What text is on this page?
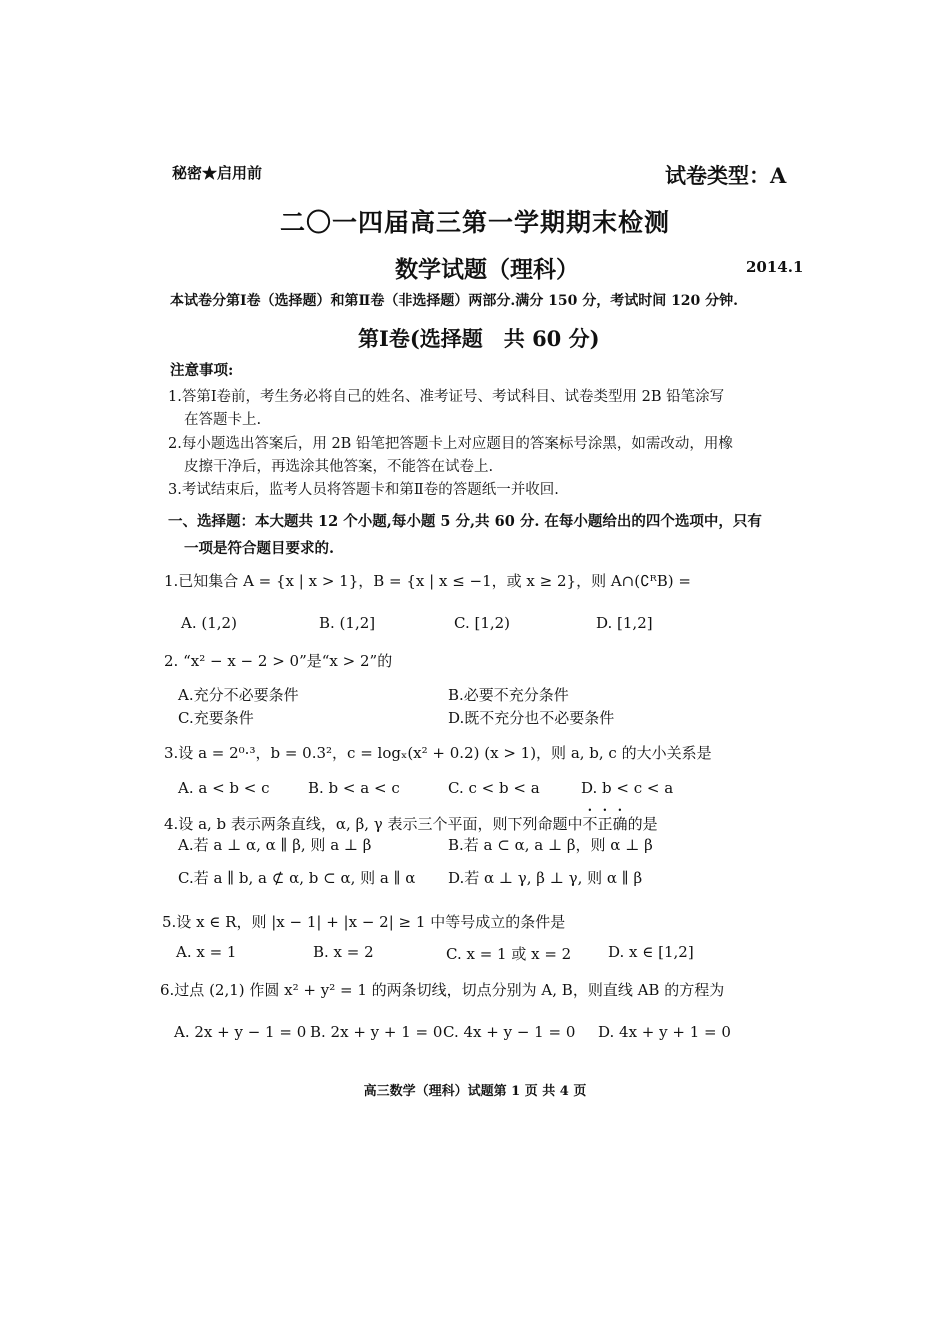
秘密★启用前	试卷类型：A
二〇一四届高三第一学期期末检测
数学试题（理科）	2014.1
本试卷分第Ⅰ卷（选择题）和第Ⅱ卷（非选择题）两部分.满分 150 分，考试时间 120 分钟.
第Ⅰ卷(选择题　共 60 分)
注意事项:
1.答第Ⅰ卷前，考生务必将自己的姓名、准考证号、考试科目、试卷类型用 2B 铅笔涂写
在答题卡上.
2.每小题选出答案后，用 2B 铅笔把答题卡上对应题目的答案标号涂黑，如需改动，用橡
皮擦干净后，再选涂其他答案，不能答在试卷上.
3.考试结束后，监考人员将答题卡和第Ⅱ卷的答题纸一并收回.
一、选择题：本大题共 12 个小题,每小题 5 分,共 60 分. 在每小题给出的四个选项中，只有
一项是符合题目要求的.
1.已知集合 A = {x | x > 1}，B = {x | x ≤ −1，或 x ≥ 2}，则 A∩(∁ᴿB) =
A. (1,2)	B. (1,2]	C. [1,2)	D. [1,2]
2. “x² − x − 2 > 0”是“x > 2”的
A.充分不必要条件	B.必要不充分条件
C.充要条件	D.既不充分也不必要条件
3.设 a = 2⁰·³，b = 0.3²，c = logₓ(x² + 0.2) (x > 1)，则 a, b, c 的大小关系是
A. a < b < c	B. b < a < c	C. c < b < a	D. b < c < a
4.设 a, b 表示两条直线，α, β, γ 表示三个平面，则下列命题中不正确的是
A.若 a ⊥ α, α ∥ β, 则 a ⊥ β	B.若 a ⊂ α, a ⊥ β，则 α ⊥ β
C.若 a ∥ b, a ⊄ α, b ⊂ α, 则 a ∥ α D.若 α ⊥ γ, β ⊥ γ, 则 α ∥ β
5.设 x ∈ R，则 |x − 1| + |x − 2| ≥ 1 中等号成立的条件是
A. x = 1	B. x = 2	C. x = 1 或 x = 2 D. x ∈ [1,2]
6.过点 (2,1) 作圆 x² + y² = 1 的两条切线，切点分别为 A, B，则直线 AB 的方程为
A. 2x + y − 1 = 0 B. 2x + y + 1 = 0 C. 4x + y − 1 = 0 D. 4x + y + 1 = 0
高三数学（理科）试题第 1 页 共 4 页
